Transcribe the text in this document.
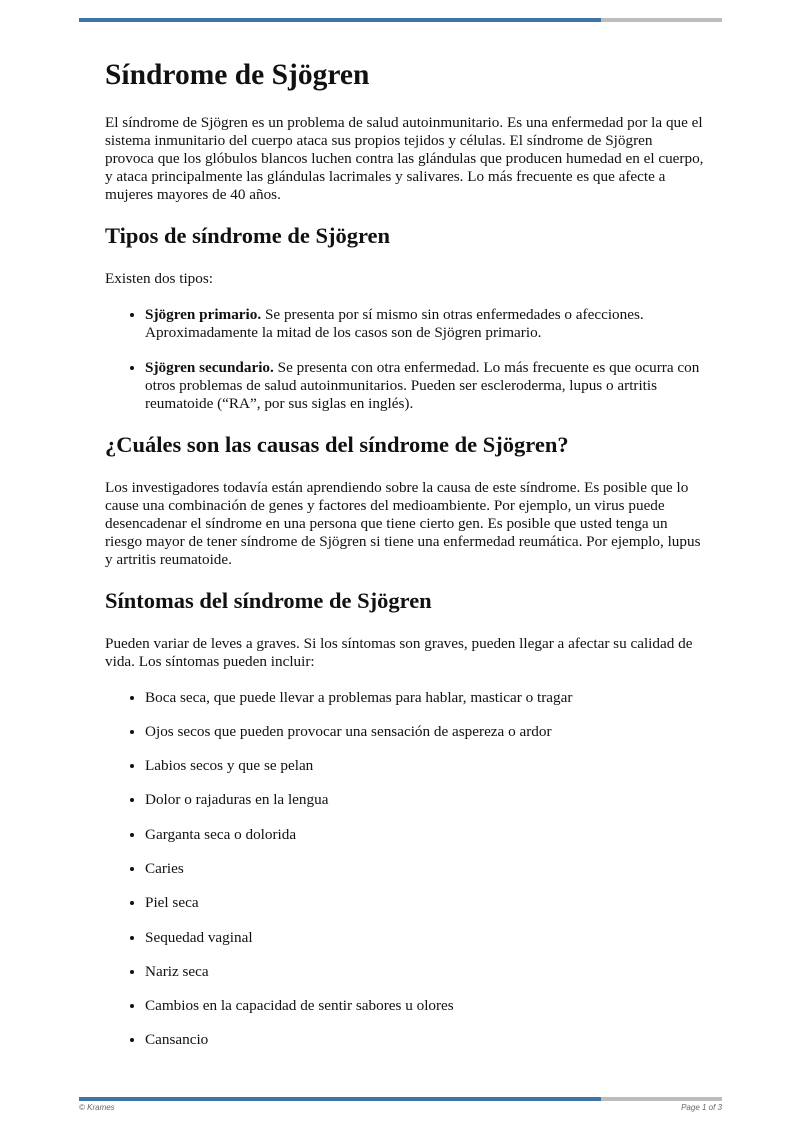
Síndrome de Sjögren

El síndrome de Sjögren es un problema de salud autoinmunitario. Es una enfermedad por la que el sistema inmunitario del cuerpo ataca sus propios tejidos y células. El síndrome de Sjögren provoca que los glóbulos blancos luchen contra las glándulas que producen humedad en el cuerpo, y ataca principalmente las glándulas lacrimales y salivares. Lo más frecuente es que afecte a mujeres mayores de 40 años.

Tipos de síndrome de Sjögren

Existen dos tipos:

• Sjögren primario. Se presenta por sí mismo sin otras enfermedades o afecciones. Aproximadamente la mitad de los casos son de Sjögren primario.
• Sjögren secundario. Se presenta con otra enfermedad. Lo más frecuente es que ocurra con otros problemas de salud autoinmunitarios. Pueden ser escleroderma, lupus o artritis reumatoide (“RA”, por sus siglas en inglés).
¿Cuáles son las causas del síndrome de Sjögren?

Los investigadores todavía están aprendiendo sobre la causa de este síndrome. Es posible que lo cause una combinación de genes y factores del medioambiente. Por ejemplo, un virus puede desencadenar el síndrome en una persona que tiene cierto gen. Es posible que usted tenga un riesgo mayor de tener síndrome de Sjögren si tiene una enfermedad reumática. Por ejemplo, lupus y artritis reumatoide.

Síntomas del síndrome de Sjögren

Pueden variar de leves a graves. Si los síntomas son graves, pueden llegar a afectar su calidad de vida. Los síntomas pueden incluir:

• Boca seca, que puede llevar a problemas para hablar, masticar o tragar
• Ojos secos que pueden provocar una sensación de aspereza o ardor
• Labios secos y que se pelan
• Dolor o rajaduras en la lengua
• Garganta seca o dolorida
• Caries
• Piel seca
• Sequedad vaginal
• Nariz seca
• Cambios en la capacidad de sentir sabores u olores
• Cansancio
© Krames	Page 1 of 3
